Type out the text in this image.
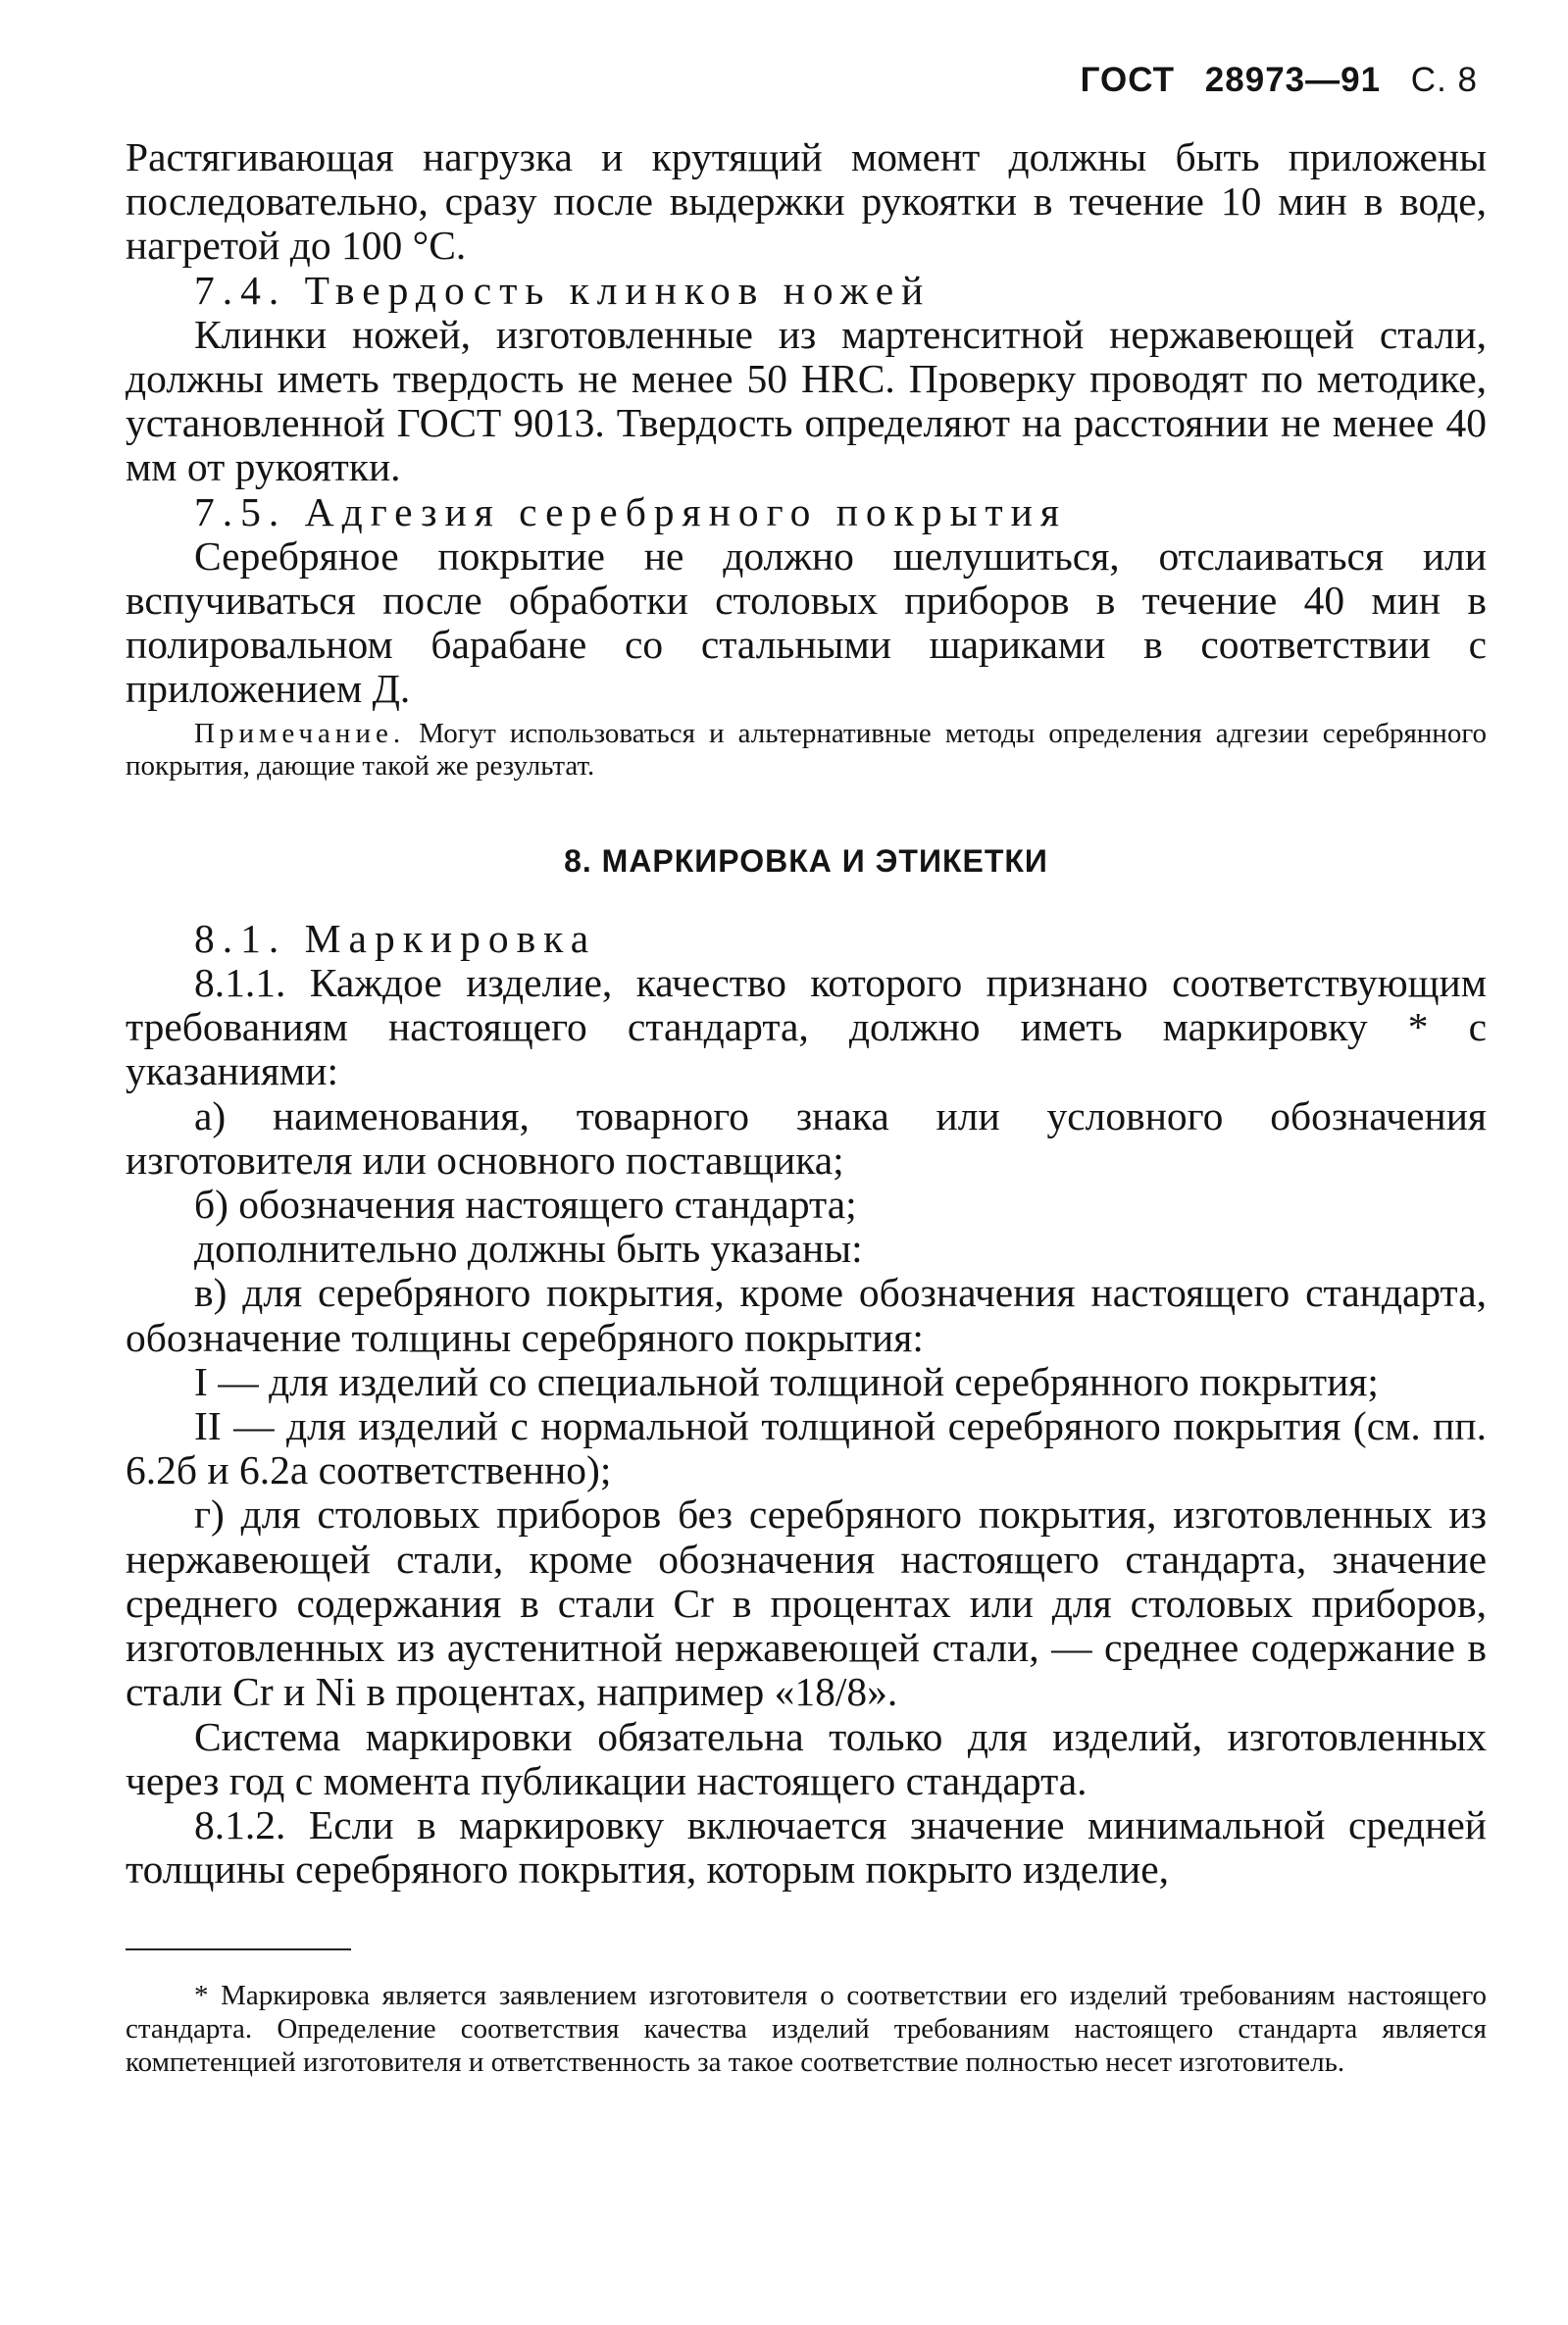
ГОСТ 28973—91 С. 8

Растягивающая нагрузка и крутящий момент должны быть приложены последовательно, сразу после выдержки рукоятки в течение 10 мин в воде, нагретой до 100 °С.

7.4. Твердость клинков ножей

Клинки ножей, изготовленные из мартенситной нержавеющей стали, должны иметь твердость не менее 50 HRC. Проверку проводят по методике, установленной ГОСТ 9013. Твердость определяют на расстоянии не менее 40 мм от рукоятки.

7.5. Адгезия серебряного покрытия

Серебряное покрытие не должно шелушиться, отслаиваться или вспучиваться после обработки столовых приборов в течение 40 мин в полировальном барабане со стальными шариками в соответствии с приложением Д.

Примечание. Могут использоваться и альтернативные методы определения адгезии серебрянного покрытия, дающие такой же результат.

8. МАРКИРОВКА И ЭТИКЕТКИ

8.1. Маркировка

8.1.1. Каждое изделие, качество которого признано соответствующим требованиям настоящего стандарта, должно иметь маркировку * с указаниями:

а) наименования, товарного знака или условного обозначения изготовителя или основного поставщика;

б) обозначения настоящего стандарта;

дополнительно должны быть указаны:

в) для серебряного покрытия, кроме обозначения настоящего стандарта, обозначение толщины серебряного покрытия:

I — для изделий со специальной толщиной серебрянного покрытия;

II — для изделий с нормальной толщиной серебряного покрытия (см. пп. 6.2б и 6.2а соответственно);

г) для столовых приборов без серебряного покрытия, изготовленных из нержавеющей стали, кроме обозначения настоящего стандарта, значение среднего содержания в стали Cr в процентах или для столовых приборов, изготовленных из аустенитной нержавеющей стали, — среднее содержание в стали Cr и Ni в процентах, например «18/8».

Система маркировки обязательна только для изделий, изготовленных через год с момента публикации настоящего стандарта.

8.1.2. Если в маркировку включается значение минимальной средней толщины серебряного покрытия, которым покрыто изделие,

* Маркировка является заявлением изготовителя о соответствии его изделий требованиям настоящего стандарта. Определение соответствия качества изделий требованиям настоящего стандарта является компетенцией изготовителя и ответственность за такое соответствие полностью несет изготовитель.
